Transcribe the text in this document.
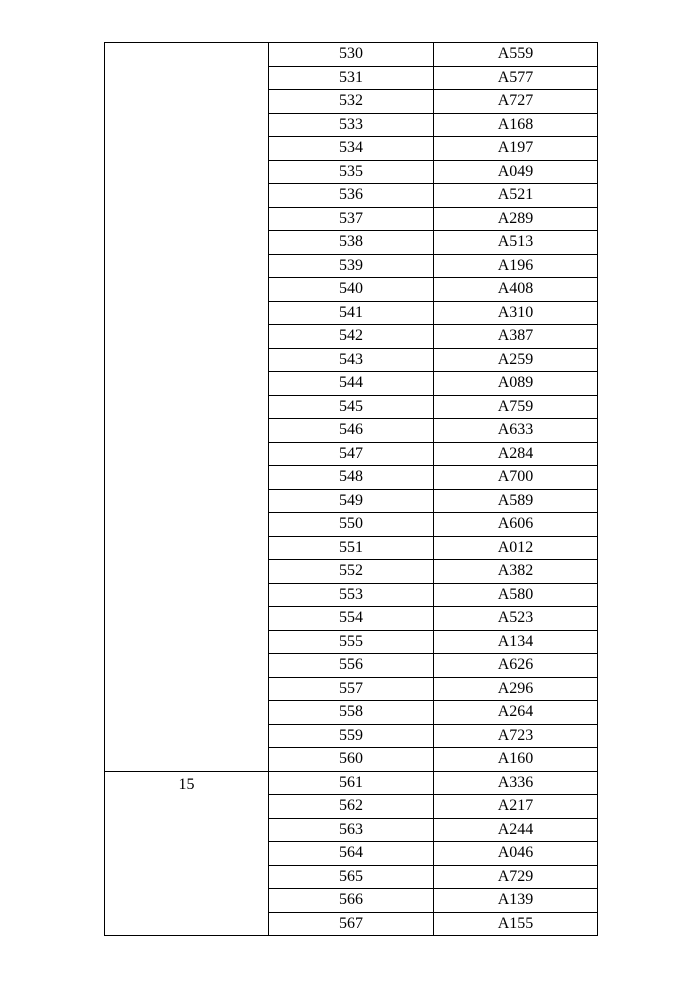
	530	A559
	531	A577
	532	A727
	533	A168
	534	A197
	535	A049
	536	A521
	537	A289
	538	A513
	539	A196
	540	A408
	541	A310
	542	A387
	543	A259
	544	A089
	545	A759
	546	A633
	547	A284
	548	A700
	549	A589
	550	A606
	551	A012
	552	A382
	553	A580
	554	A523
	555	A134
	556	A626
	557	A296
	558	A264
	559	A723
	560	A160
15	561	A336
	562	A217
	563	A244
	564	A046
	565	A729
	566	A139
	567	A155
